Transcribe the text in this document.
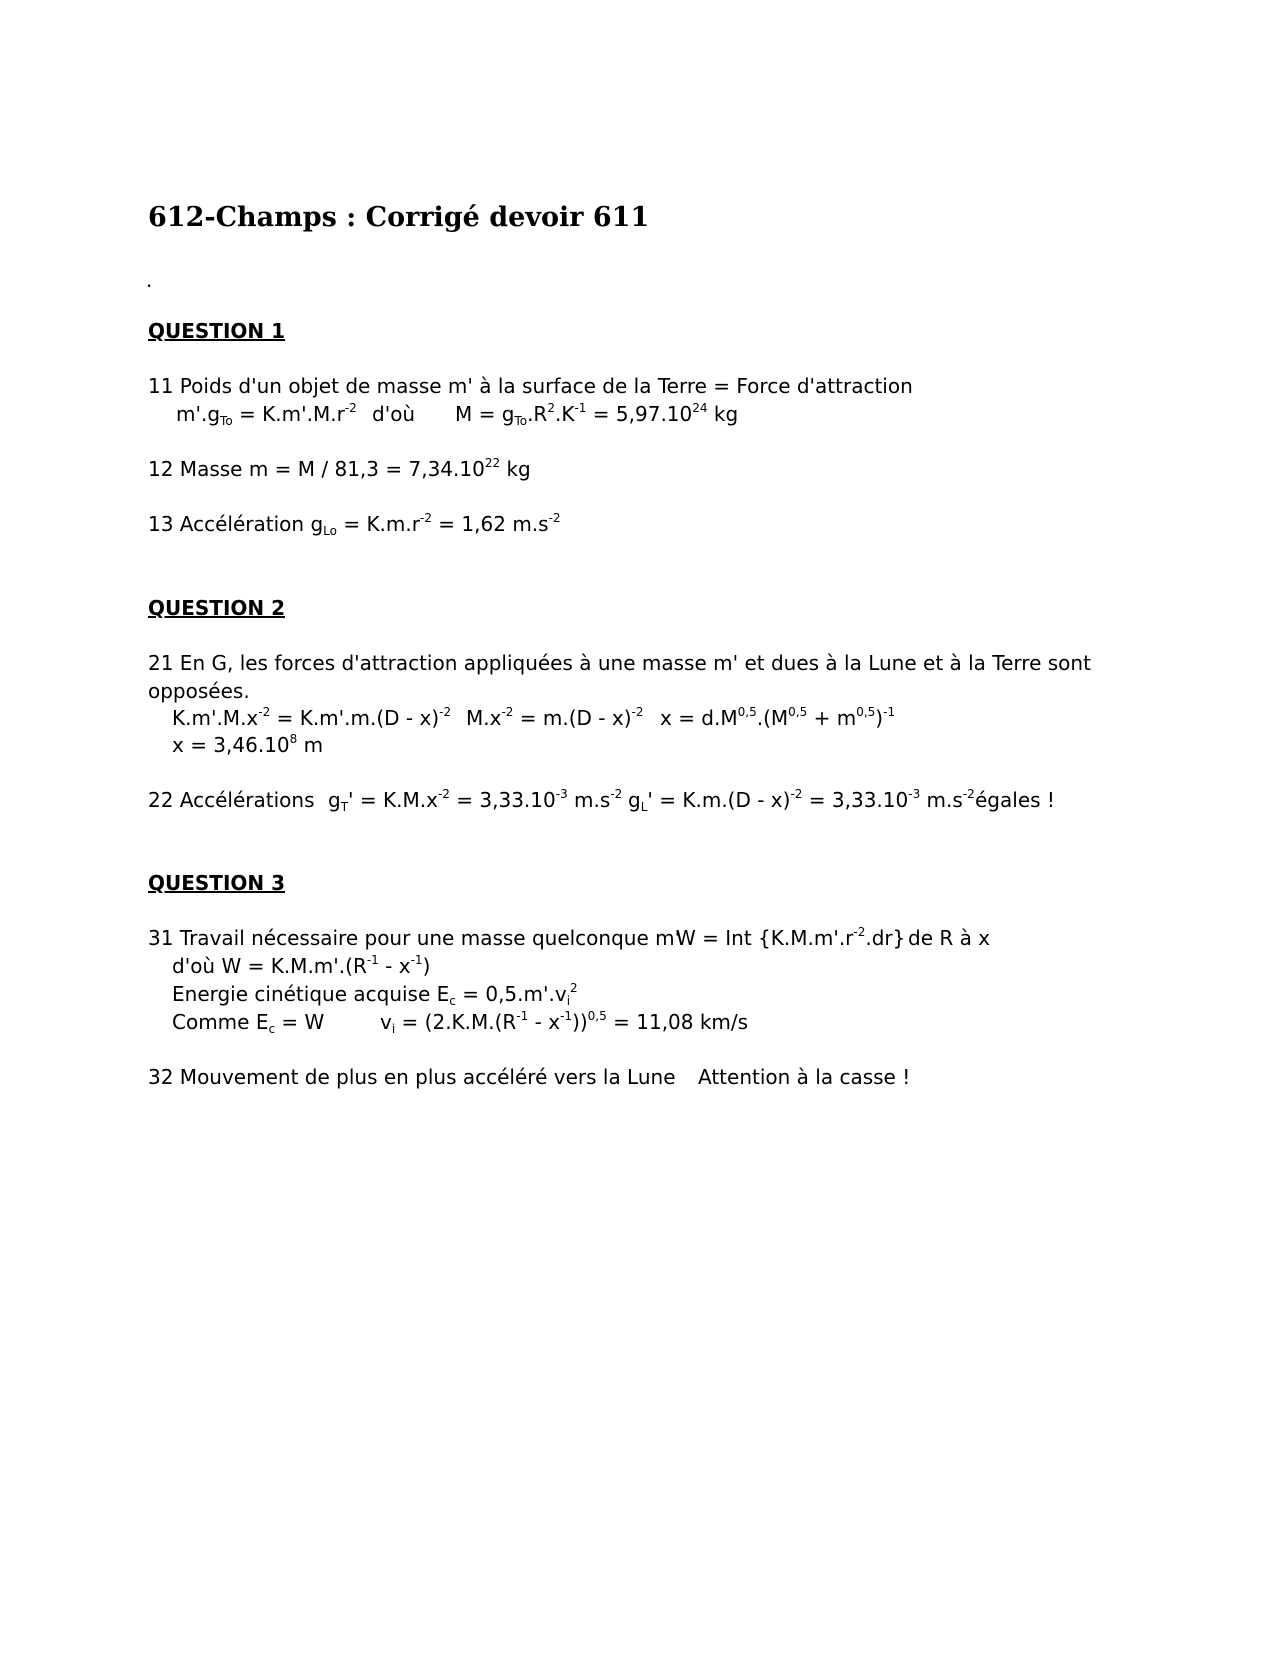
612-Champs : Corrigé devoir 611
.
QUESTION 1
11 Poids d'un objet de masse m' à la surface de la Terre = Force d'attraction
$m'.g_{To} = K.m'.M.r^{-2}$ d'où $M = g_{To}.R^2.K^{-1} = 5,97.10^{24}$ kg
12 Masse $m = M / 81,3 = 7,34.10^{22}$ kg
13 Accélération $g_{Lo} = K.m.r^{-2} = 1,62$ $m.s^{-2}$
QUESTION 2
21 En G, les forces d'attraction appliquées à une masse m' et dues à la Lune et à la Terre sont
opposées.
$K.m'.M.x^{-2} = K.m'.m.(D - x)^{-2}$ $M.x^{-2} = m.(D - x)^{-2}$ $x = d.M^{0,5}.(M^{0,5} + m^{0,5})^{-1}$
$x = 3,46.10^8$ m
22 Accélérations $g_T' = K.M.x^{-2} = 3,33.10^{-3}$ $m.s^{-2}$ $g_L' = K.m.(D - x)^{-2} = 3,33.10^{-3}$ $m.s^{-2}$ égales !
QUESTION 3
31 Travail nécessaire pour une masse quelconque m'
W = Int $\{K.M.m'.r^{-2}.dr\}$ de R à x
d'où $W = K.M.m'.(R^{-1} - x^{-1})$
Energie cinétique acquise $E_c = 0,5.m'.v_i^2$
Comme $E_c = W$	$v_i = (2.K.M.(R^{-1} - x^{-1}))^{0,5} = 11,08$ km/s
32 Mouvement de plus en plus accéléré vers la Lune Attention à la casse !
